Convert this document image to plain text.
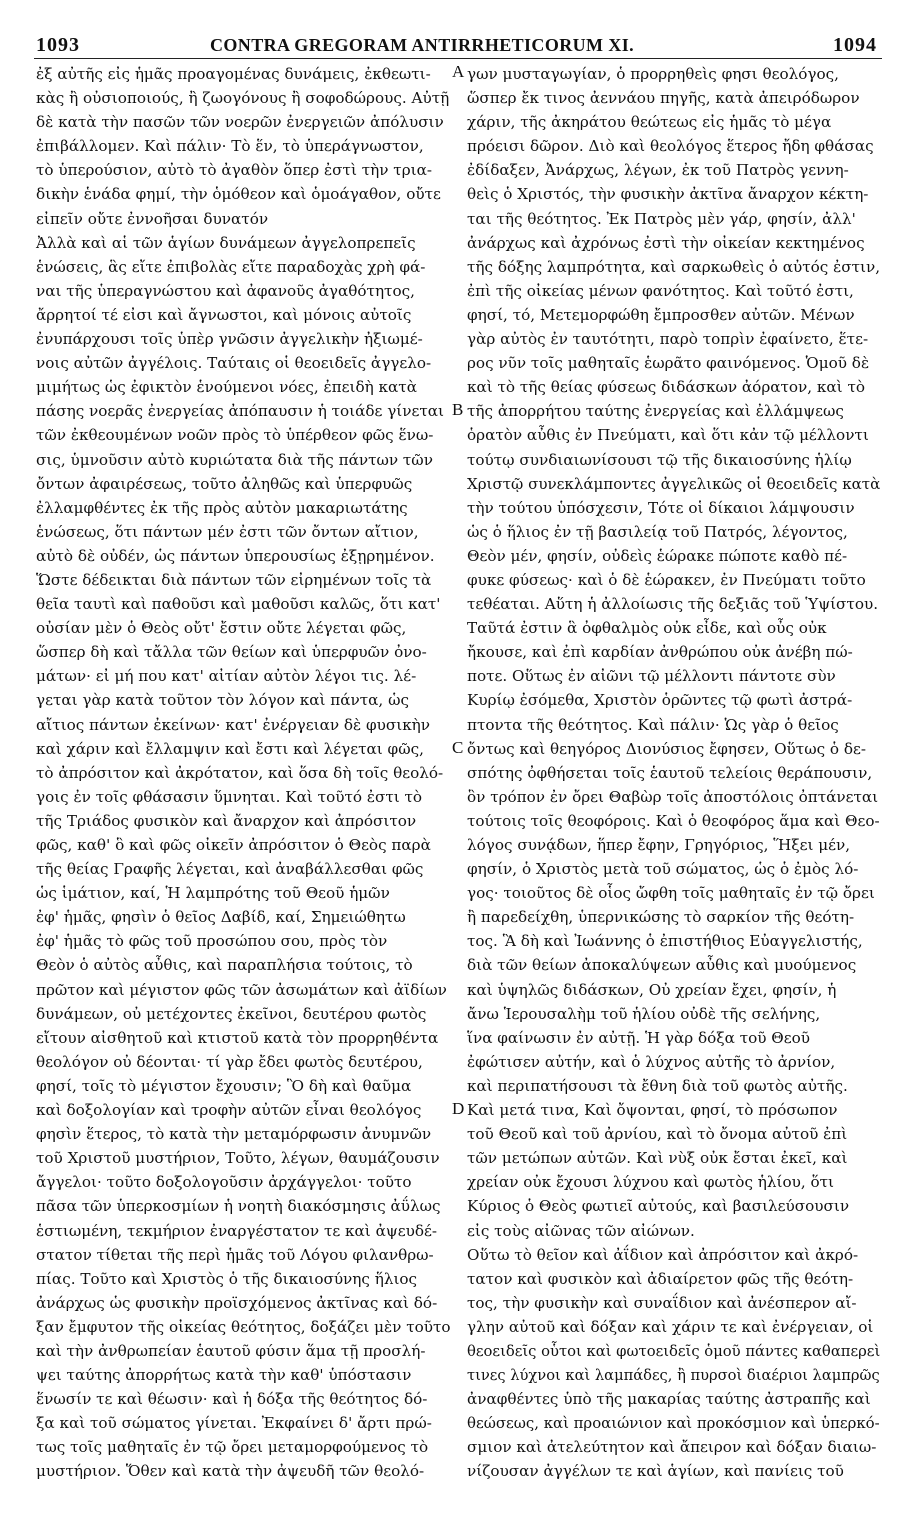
1093	CONTRA GREGORAM ANTIRRHETICORUM XI.	1094
ἐξ αὐτῆς εἰς ἡμᾶς προαγομένας δυνάμεις, ἐκθεωτι-
κὰς ἢ οὐσιοποιούς, ἢ ζωογόνους ἢ σοφοδώρους. Αὐτῇ
δὲ κατὰ τὴν πασῶν τῶν νοερῶν ἐνεργειῶν ἀπόλυσιν
ἐπιβάλλομεν. Καὶ πάλιν· Τὸ ἕν, τὸ ὑπεράγνωστον,
τὸ ὑπερούσιον, αὐτὸ τὸ ἀγαθὸν ὅπερ ἐστὶ τὴν τρια-
δικὴν ἑνάδα φημί, τὴν ὁμόθεον καὶ ὁμοάγαθον, οὔτε
εἰπεῖν οὔτε ἐννοῆσαι δυνατόν
Ἀλλὰ καὶ αἱ τῶν ἁγίων δυνάμεων ἀγγελοπρεπεῖς
ἑνώσεις, ἃς εἴτε ἐπιβολὰς εἴτε παραδοχὰς χρὴ φά-
ναι τῆς ὑπεραγνώστου καὶ ἀφανοῦς ἀγαθότητος,
ἄρρητοί τέ εἰσι καὶ ἄγνωστοι, καὶ μόνοις αὐτοῖς
ἐνυπάρχουσι τοῖς ὑπὲρ γνῶσιν ἀγγελικὴν ἠξιωμέ-
νοις αὐτῶν ἀγγέλοις. Ταύταις οἱ θεοειδεῖς ἀγγελο-
μιμήτως ὡς ἐφικτὸν ἑνούμενοι νόες, ἐπειδὴ κατὰ
πάσης νοερᾶς ἐνεργείας ἀπόπαυσιν ἡ τοιάδε γίνεται
τῶν ἐκθεουμένων νοῶν πρὸς τὸ ὑπέρθεον φῶς ἕνω-
σις, ὑμνοῦσιν αὐτὸ κυριώτατα διὰ τῆς πάντων τῶν
ὄντων ἀφαιρέσεως, τοῦτο ἀληθῶς καὶ ὑπερφυῶς
ἐλλαμφθέντες ἐκ τῆς πρὸς αὐτὸν μακαριωτάτης
ἑνώσεως, ὅτι πάντων μέν ἐστι τῶν ὄντων αἴτιον,
αὐτὸ δὲ οὐδέν, ὡς πάντων ὑπερουσίως ἐξῃρημένον.
Ὥστε δέδεικται διὰ πάντων τῶν εἰρημένων τοῖς τὰ
θεῖα ταυτὶ καὶ παθοῦσι καὶ μαθοῦσι καλῶς, ὅτι κατ'
οὐσίαν μὲν ὁ Θεὸς οὔτ' ἔστιν οὔτε λέγεται φῶς,
ὥσπερ δὴ καὶ τἄλλα τῶν θείων καὶ ὑπερφυῶν ὀνο-
μάτων· εἰ μή που κατ' αἰτίαν αὐτὸν λέγοι τις. λέ-
γεται γὰρ κατὰ τοῦτον τὸν λόγον καὶ πάντα, ὡς
αἴτιος πάντων ἐκείνων· κατ' ἐνέργειαν δὲ φυσικὴν
καὶ χάριν καὶ ἔλλαμψιν καὶ ἔστι καὶ λέγεται φῶς,
τὸ ἀπρόσιτον καὶ ἀκρότατον, καὶ ὅσα δὴ τοῖς θεολό-
γοις ἐν τοῖς φθάσασιν ὕμνηται. Καὶ τοῦτό ἐστι τὸ
τῆς Τριάδος φυσικὸν καὶ ἄναρχον καὶ ἀπρόσιτον
φῶς, καθ' ὃ καὶ φῶς οἰκεῖν ἀπρόσιτον ὁ Θεὸς παρὰ
τῆς θείας Γραφῆς λέγεται, καὶ ἀναβάλλεσθαι φῶς
ὡς ἱμάτιον, καί, Ἡ λαμπρότης τοῦ Θεοῦ ἡμῶν
ἐφ' ἡμᾶς, φησὶν ὁ θεῖος Δαβίδ, καί, Σημειώθητω
ἐφ' ἡμᾶς τὸ φῶς τοῦ προσώπου σου, πρὸς τὸν
Θεὸν ὁ αὐτὸς αὖθις, καὶ παραπλήσια τούτοις, τὸ
πρῶτον καὶ μέγιστον φῶς τῶν ἀσωμάτων καὶ ἀϊδίων
δυνάμεων, οὐ μετέχοντες ἐκεῖνοι, δευτέρου φωτὸς
εἴτουν αἰσθητοῦ καὶ κτιστοῦ κατὰ τὸν προρρηθέντα
θεολόγον οὐ δέονται· τί γὰρ ἔδει φωτὸς δευτέρου,
φησί, τοῖς τὸ μέγιστον ἔχουσιν; Ὃ δὴ καὶ θαῦμα
καὶ δοξολογίαν καὶ τροφὴν αὐτῶν εἶναι θεολόγος
φησὶν ἕτερος, τὸ κατὰ τὴν μεταμόρφωσιν ἀνυμνῶν
τοῦ Χριστοῦ μυστήριον, Τοῦτο, λέγων, θαυμάζουσιν
ἄγγελοι· τοῦτο δοξολογοῦσιν ἀρχάγγελοι· τοῦτο
πᾶσα τῶν ὑπερκοσμίων ἡ νοητὴ διακόσμησις ἀΰλως
ἑστιωμένη, τεκμήριον ἐναργέστατον τε καὶ ἀψευδέ-
στατον τίθεται τῆς περὶ ἡμᾶς τοῦ Λόγου φιλανθρω-
πίας. Τοῦτο καὶ Χριστὸς ὁ τῆς δικαιοσύνης ἥλιος
ἀνάρχως ὡς φυσικὴν προϊσχόμενος ἀκτῖνας καὶ δό-
ξαν ἔμφυτον τῆς οἰκείας θεότητος, δοξάζει μὲν τοῦτο
καὶ τὴν ἀνθρωπείαν ἑαυτοῦ φύσιν ἅμα τῇ προσλή-
ψει ταύτης ἀπορρήτως κατὰ τὴν καθ' ὑπόστασιν
ἕνωσίν τε καὶ θέωσιν· καὶ ἡ δόξα τῆς θεότητος δό-
ξα καὶ τοῦ σώματος γίνεται. Ἐκφαίνει δ' ἄρτι πρώ-
τως τοῖς μαθηταῖς ἐν τῷ ὄρει μεταμορφούμενος τὸ
μυστήριον. Ὅθεν καὶ κατὰ τὴν ἀψευδῆ τῶν θεολό-
A
B
C
D
γων μυσταγωγίαν, ὁ προρρηθεὶς φησι θεολόγος,
ὥσπερ ἔκ τινος ἀεννάου πηγῆς, κατὰ ἀπειρόδωρον
χάριν, τῆς ἀκηράτου θεώτεως εἰς ἡμᾶς τὸ μέγα
πρόεισι δῶρον. Διὸ καὶ θεολόγος ἕτερος ἤδη φθάσας
ἐδίδαξεν, Ἀνάρχως, λέγων, ἐκ τοῦ Πατρὸς γεννη-
θεὶς ὁ Χριστός, τὴν φυσικὴν ἀκτῖνα ἄναρχον κέκτη-
ται τῆς θεότητος. Ἐκ Πατρὸς μὲν γάρ, φησίν, ἀλλ'
ἀνάρχως καὶ ἀχρόνως ἐστὶ τὴν οἰκείαν κεκτημένος
τῆς δόξης λαμπρότητα, καὶ σαρκωθεὶς ὁ αὐτός ἐστιν,
ἐπὶ τῆς οἰκείας μένων φανότητος. Καὶ τοῦτό ἐστι,
φησί, τό, Μετεμορφώθη ἔμπροσθεν αὐτῶν. Μένων
γὰρ αὐτὸς ἐν ταυτότητι, παρὸ τοπρὶν ἐφαίνετο, ἕτε-
ρος νῦν τοῖς μαθηταῖς ἑωρᾶτο φαινόμενος. Ὁμοῦ δὲ
καὶ τὸ τῆς θείας φύσεως διδάσκων ἀόρατον, καὶ τὸ
τῆς ἀπορρήτου ταύτης ἐνεργείας καὶ ἐλλάμψεως
ὁρατὸν αὖθις ἐν Πνεύματι, καὶ ὅτι κἀν τῷ μέλλοντι
τούτῳ συνδιαιωνίσουσι τῷ τῆς δικαιοσύνης ἡλίῳ
Χριστῷ συνεκλάμποντες ἀγγελικῶς οἱ θεοειδεῖς κατὰ
τὴν τούτου ὑπόσχεσιν, Τότε οἱ δίκαιοι λάμψουσιν
ὡς ὁ ἥλιος ἐν τῇ βασιλείᾳ τοῦ Πατρός, λέγοντος,
Θεὸν μέν, φησίν, οὐδεὶς ἑώρακε πώποτε καθὸ πέ-
φυκε φύσεως· καὶ ὁ δὲ ἑώρακεν, ἐν Πνεύματι τοῦτο
τεθέαται. Αὕτη ἡ ἀλλοίωσις τῆς δεξιᾶς τοῦ Ὑψίστου.
Ταῦτά ἐστιν ἃ ὀφθαλμὸς οὐκ εἶδε, καὶ οὖς οὐκ
ἤκουσε, καὶ ἐπὶ καρδίαν ἀνθρώπου οὐκ ἀνέβη πώ-
ποτε. Οὕτως ἐν αἰῶνι τῷ μέλλοντι πάντοτε σὺν
Κυρίῳ ἐσόμεθα, Χριστὸν ὁρῶντες τῷ φωτὶ ἀστρά-
πτοντα τῆς θεότητος. Καὶ πάλιν· Ὡς γὰρ ὁ θεῖος
ὄντως καὶ θεηγόρος Διονύσιος ἔφησεν, Οὕτως ὁ δε-
σπότης ὀφθήσεται τοῖς ἑαυτοῦ τελείοις θεράπουσιν,
ὃν τρόπον ἐν ὄρει Θαβὼρ τοῖς ἀποστόλοις ὀπτάνεται
τούτοις τοῖς θεοφόροις. Καὶ ὁ θεοφόρος ἅμα καὶ Θεο-
λόγος συνᾴδων, ἥπερ ἔφην, Γρηγόριος, Ἥξει μέν,
φησίν, ὁ Χριστὸς μετὰ τοῦ σώματος, ὡς ὁ ἐμὸς λό-
γος· τοιοῦτος δὲ οἷος ὤφθη τοῖς μαθηταῖς ἐν τῷ ὄρει
ἢ παρεδείχθη, ὑπερνικώσης τὸ σαρκίον τῆς θεότη-
τος. Ἃ δὴ καὶ Ἰωάννης ὁ ἐπιστήθιος Εὐαγγελιστής,
διὰ τῶν θείων ἀποκαλύψεων αὖθις καὶ μυούμενος
καὶ ὑψηλῶς διδάσκων, Οὐ χρείαν ἔχει, φησίν, ἡ
ἄνω Ἱερουσαλὴμ τοῦ ἡλίου οὐδὲ τῆς σελήνης,
ἵνα φαίνωσιν ἐν αὐτῇ. Ἡ γὰρ δόξα τοῦ Θεοῦ
ἐφώτισεν αὐτήν, καὶ ὁ λύχνος αὐτῆς τὸ ἀρνίον,
καὶ περιπατήσουσι τὰ ἔθνη διὰ τοῦ φωτὸς αὐτῆς.
Καὶ μετά τινα, Καὶ ὄψονται, φησί, τὸ πρόσωπον
τοῦ Θεοῦ καὶ τοῦ ἀρνίου, καὶ τὸ ὄνομα αὐτοῦ ἐπὶ
τῶν μετώπων αὐτῶν. Καὶ νὺξ οὐκ ἔσται ἐκεῖ, καὶ
χρείαν οὐκ ἔχουσι λύχνου καὶ φωτὸς ἡλίου, ὅτι
Κύριος ὁ Θεὸς φωτιεῖ αὐτούς, καὶ βασιλεύσουσιν
εἰς τοὺς αἰῶνας τῶν αἰώνων.
Οὕτω τὸ θεῖον καὶ ἀΐδιον καὶ ἀπρόσιτον καὶ ἀκρό-
τατον καὶ φυσικὸν καὶ ἀδιαίρετον φῶς τῆς θεότη-
τος, τὴν φυσικὴν καὶ συναΐδιον καὶ ἀνέσπερον αἴ-
γλην αὐτοῦ καὶ δόξαν καὶ χάριν τε καὶ ἐνέργειαν, οἱ
θεοειδεῖς οὗτοι καὶ φωτοειδεῖς ὁμοῦ πάντες καθαπερεὶ
τινες λύχνοι καὶ λαμπάδες, ἢ πυρσοὶ διαέριοι λαμπρῶς
ἀναφθέντες ὑπὸ τῆς μακαρίας ταύτης ἀστραπῆς καὶ
θεώσεως, καὶ προαιώνιον καὶ προκόσμιον καὶ ὑπερκό-
σμιον καὶ ἀτελεύτητον καὶ ἄπειρον καὶ δόξαν διαιω-
νίζουσαν ἀγγέλων τε καὶ ἁγίων, καὶ πανίεις τοῦ
